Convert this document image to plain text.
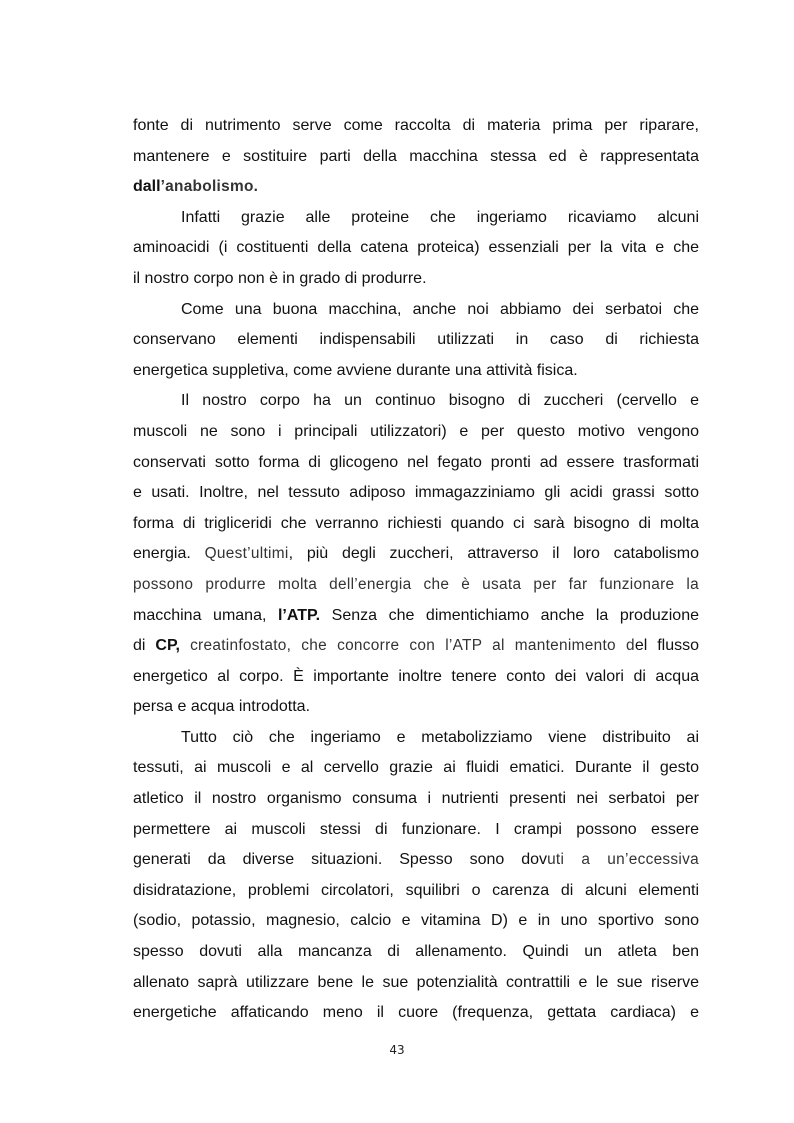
fonte di nutrimento serve come raccolta di materia prima per riparare,
mantenere e sostituire parti della macchina stessa ed è rappresentata
dall’anabolismo.
Infatti grazie alle proteine che ingeriamo ricaviamo alcuni
aminoacidi (i costituenti della catena proteica) essenziali per la vita e che
il nostro corpo non è in grado di produrre.
Come una buona macchina, anche noi abbiamo dei serbatoi che
conservano elementi indispensabili utilizzati in caso di richiesta
energetica suppletiva, come avviene durante una attività fisica.
Il nostro corpo ha un continuo bisogno di zuccheri (cervello e
muscoli ne sono i principali utilizzatori) e per questo motivo vengono
conservati sotto forma di glicogeno nel fegato pronti ad essere trasformati
e usati. Inoltre, nel tessuto adiposo immagazziniamo gli acidi grassi sotto
forma di trigliceridi che verranno richiesti quando ci sarà bisogno di molta
energia. Quest’ultimi, più degli zuccheri, attraverso il loro catabolismo
possono produrre molta dell’energia che è usata per far funzionare la
macchina umana, l’ATP. Senza che dimentichiamo anche la produzione
di CP, creatinfostato, che concorre con l’ATP al mantenimento del flusso
energetico al corpo. È importante inoltre tenere conto dei valori di acqua
persa e acqua introdotta.
Tutto ciò che ingeriamo e metabolizziamo viene distribuito ai
tessuti, ai muscoli e al cervello grazie ai fluidi ematici. Durante il gesto
atletico il nostro organismo consuma i nutrienti presenti nei serbatoi per
permettere ai muscoli stessi di funzionare. I crampi possono essere
generati da diverse situazioni. Spesso sono dovuti a un’eccessiva
disidratazione, problemi circolatori, squilibri o carenza di alcuni elementi
(sodio, potassio, magnesio, calcio e vitamina D) e in uno sportivo sono
spesso dovuti alla mancanza di allenamento. Quindi un atleta ben
allenato saprà utilizzare bene le sue potenzialità contrattili e le sue riserve
energetiche affaticando meno il cuore (frequenza, gettata cardiaca) e
43
